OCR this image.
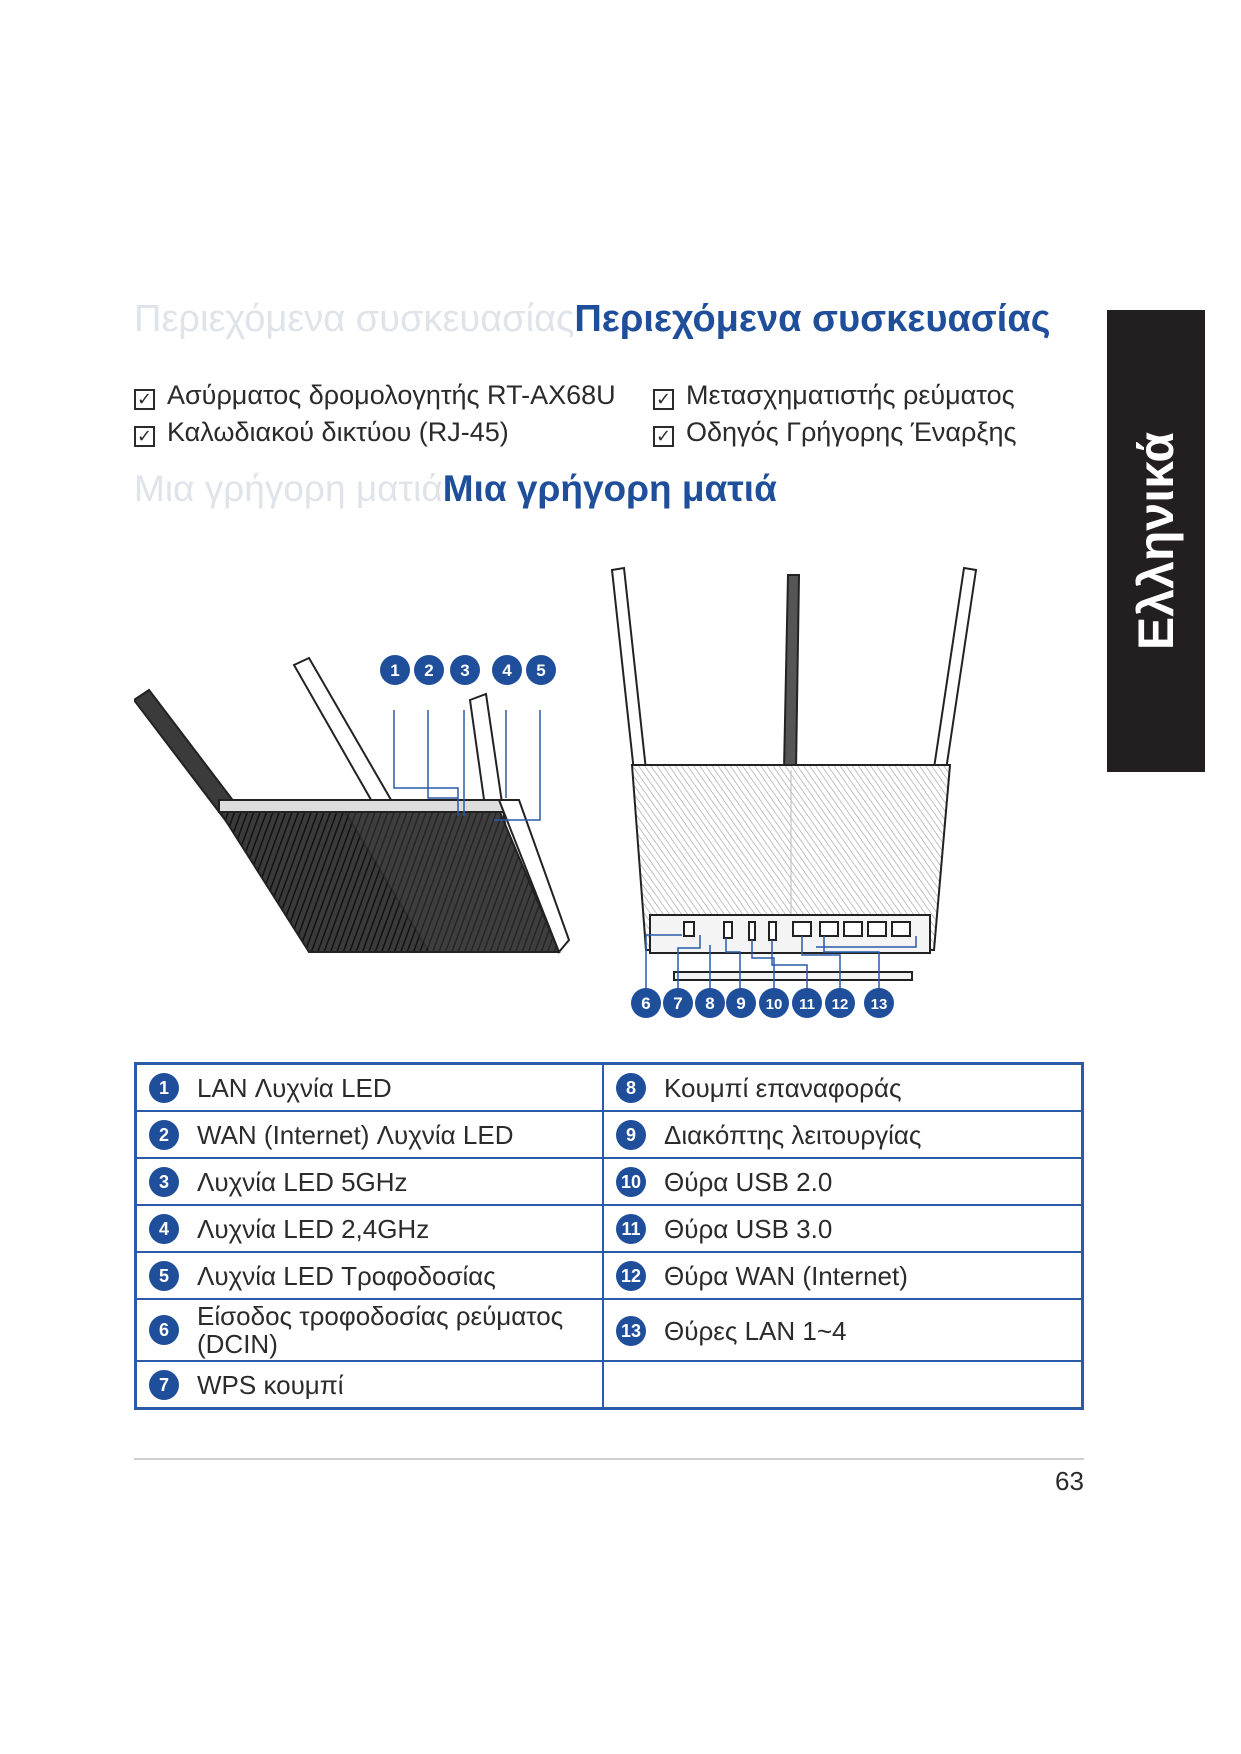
Ελληνικά
Περιεχόμενα συσκευασίαςΠεριεχόμενα συσκευασίας
✓ Ασύρματος δρομολογητής RT-AX68U ✓ Μετασχηματιστής ρεύματος
✓ Καλωδιακού δικτύου (RJ-45)	✓ Οδηγός Γρήγορης Έναρξης
Μια γρήγορη ματιάΜια γρήγορη ματιά
1 2 3 4 5
6 7 8 9 10 11 12 13
1 LAN Λυχνία LED	8 Κουμπί επαναφοράς
2 WAN (Internet) Λυχνία LED	9 Διακόπτης λειτουργίας
3 Λυχνία LED 5GHz	10 Θύρα USB 2.0
4 Λυχνία LED 2,4GHz	11 Θύρα USB 3.0
5 Λυχνία LED Τροφοδοσίας	12 Θύρα WAN (Internet)
6 Είσοδος τροφοδοσίας ρεύματος (DCIN)	13 Θύρες LAN 1~4
7 WPS κουμπί	
63
